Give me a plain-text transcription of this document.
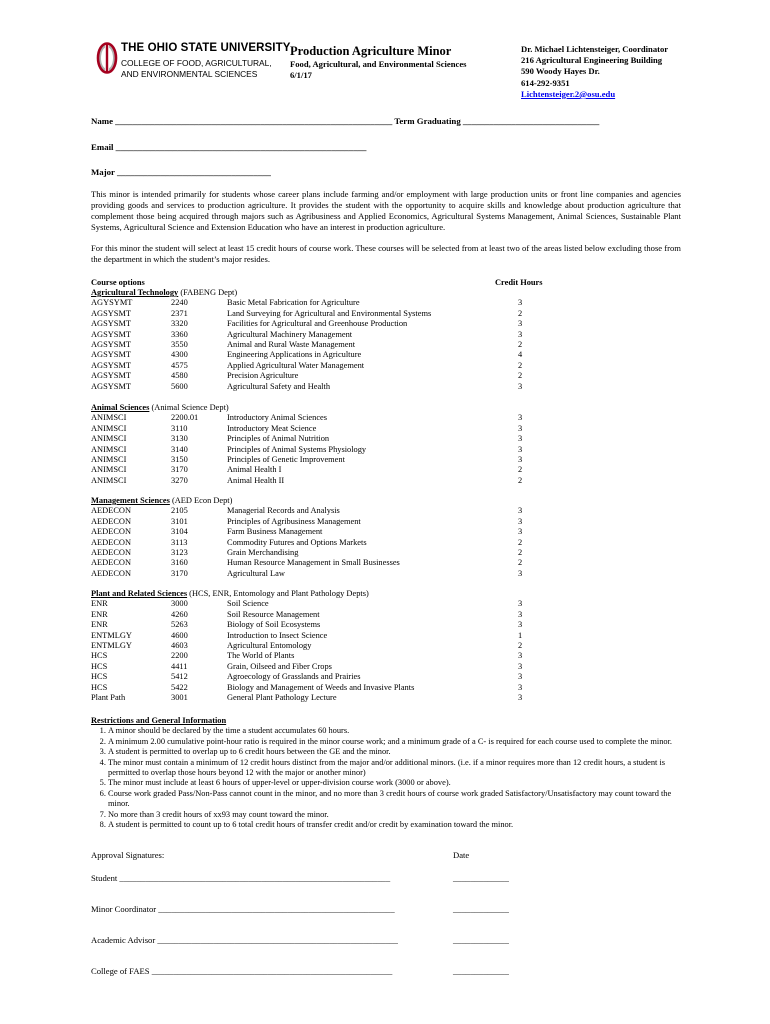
THE OHIO STATE UNIVERSITY
COLLEGE OF FOOD, AGRICULTURAL,
AND ENVIRONMENTAL SCIENCES
Production Agriculture Minor
Food, Agricultural, and Environmental Sciences
6/1/17
Dr. Michael Lichtensteiger, Coordinator
216 Agricultural Engineering Building
590 Woody Hayes Dr.
614-292-9351
Lichtensteiger.2@osu.edu
Name _______________________________________________________________ Term Graduating _______________________________
Email _________________________________________________________
Major ___________________________________
This minor is intended primarily for students whose career plans include farming and/or employment with large production units or front line companies and agencies providing goods and services to production agriculture. It provides the student with the opportunity to acquire skills and knowledge about production agriculture that complement those being acquired through majors such as Agribusiness and Applied Economics, Agricultural Systems Management, Animal Sciences, Sustainable Plant Systems, Agricultural Science and Extension Education who have an interest in production agriculture.
For this minor the student will select at least 15 credit hours of course work. These courses will be selected from at least two of the areas listed below excluding those from the department in which the student’s major resides.
Course options	Credit Hours
Agricultural Technology (FABENG Dept)
AGYSYMT	2240	Basic Metal Fabrication for Agriculture	3
AGSYSMT	2371	Land Surveying for Agricultural and Environmental Systems	2
AGSYSMT	3320	Facilities for Agricultural and Greenhouse Production	3
AGSYSMT	3360	Agricultural Machinery Management	3
AGSYSMT	3550	Animal and Rural Waste Management	2
AGSYSMT	4300	Engineering Applications in Agriculture	4
AGSYSMT	4575	Applied Agricultural Water Management	2
AGSYSMT	4580	Precision Agriculture	2
AGSYSMT	5600	Agricultural Safety and Health	3
Animal Sciences (Animal Science Dept)
ANIMSCI	2200.01	Introductory Animal Sciences	3
ANIMSCI	3110	Introductory Meat Science	3
ANIMSCI	3130	Principles of Animal Nutrition	3
ANIMSCI	3140	Principles of Animal Systems Physiology	3
ANIMSCI	3150	Principles of Genetic Improvement	3
ANIMSCI	3170	Animal Health I	2
ANIMSCI	3270	Animal Health II	2
Management Sciences (AED Econ Dept)
AEDECON	2105	Managerial Records and Analysis	3
AEDECON	3101	Principles of Agribusiness Management	3
AEDECON	3104	Farm Business Management	3
AEDECON	3113	Commodity Futures and Options Markets	2
AEDECON	3123	Grain Merchandising	2
AEDECON	3160	Human Resource Management in Small Businesses	2
AEDECON	3170	Agricultural Law	3
Plant and Related Sciences (HCS, ENR, Entomology and Plant Pathology Depts)
ENR	3000	Soil Science	3
ENR	4260	Soil Resource Management	3
ENR	5263	Biology of Soil Ecosystems	3
ENTMLGY	4600	Introduction to Insect Science	1
ENTMLGY	4603	Agricultural Entomology	2
HCS	2200	The World of Plants	3
HCS	4411	Grain, Oilseed and Fiber Crops	3
HCS	5412	Agroecology of Grasslands and Prairies	3
HCS	5422	Biology and Management of Weeds and Invasive Plants	3
Plant Path	3001	General Plant Pathology Lecture	3
Restrictions and General Information
1. A minor should be declared by the time a student accumulates 60 hours.
2. A minimum 2.00 cumulative point-hour ratio is required in the minor course work; and a minimum grade of a C- is required for each course used to complete the minor.
3. A student is permitted to overlap up to 6 credit hours between the GE and the minor.
4. The minor must contain a minimum of 12 credit hours distinct from the major and/or additional minors. (i.e. if a minor requires more than 12 credit hours, a student is permitted to overlap those hours beyond 12 with the major or another minor)
5. The minor must include at least 6 hours of upper-level or upper-division course work (3000 or above).
6. Course work graded Pass/Non-Pass cannot count in the minor, and no more than 3 credit hours of course work graded Satisfactory/Unsatisfactory may count toward the minor.
7. No more than 3 credit hours of xx93 may count toward the minor.
8. A student is permitted to count up to 6 total credit hours of transfer credit and/or credit by examination toward the minor.
Approval Signatures:	Date
Student _______________________________________________________________	_____________
Minor Coordinator _______________________________________________________	_____________
Academic Advisor ________________________________________________________	_____________
College of FAES ________________________________________________________	_____________
